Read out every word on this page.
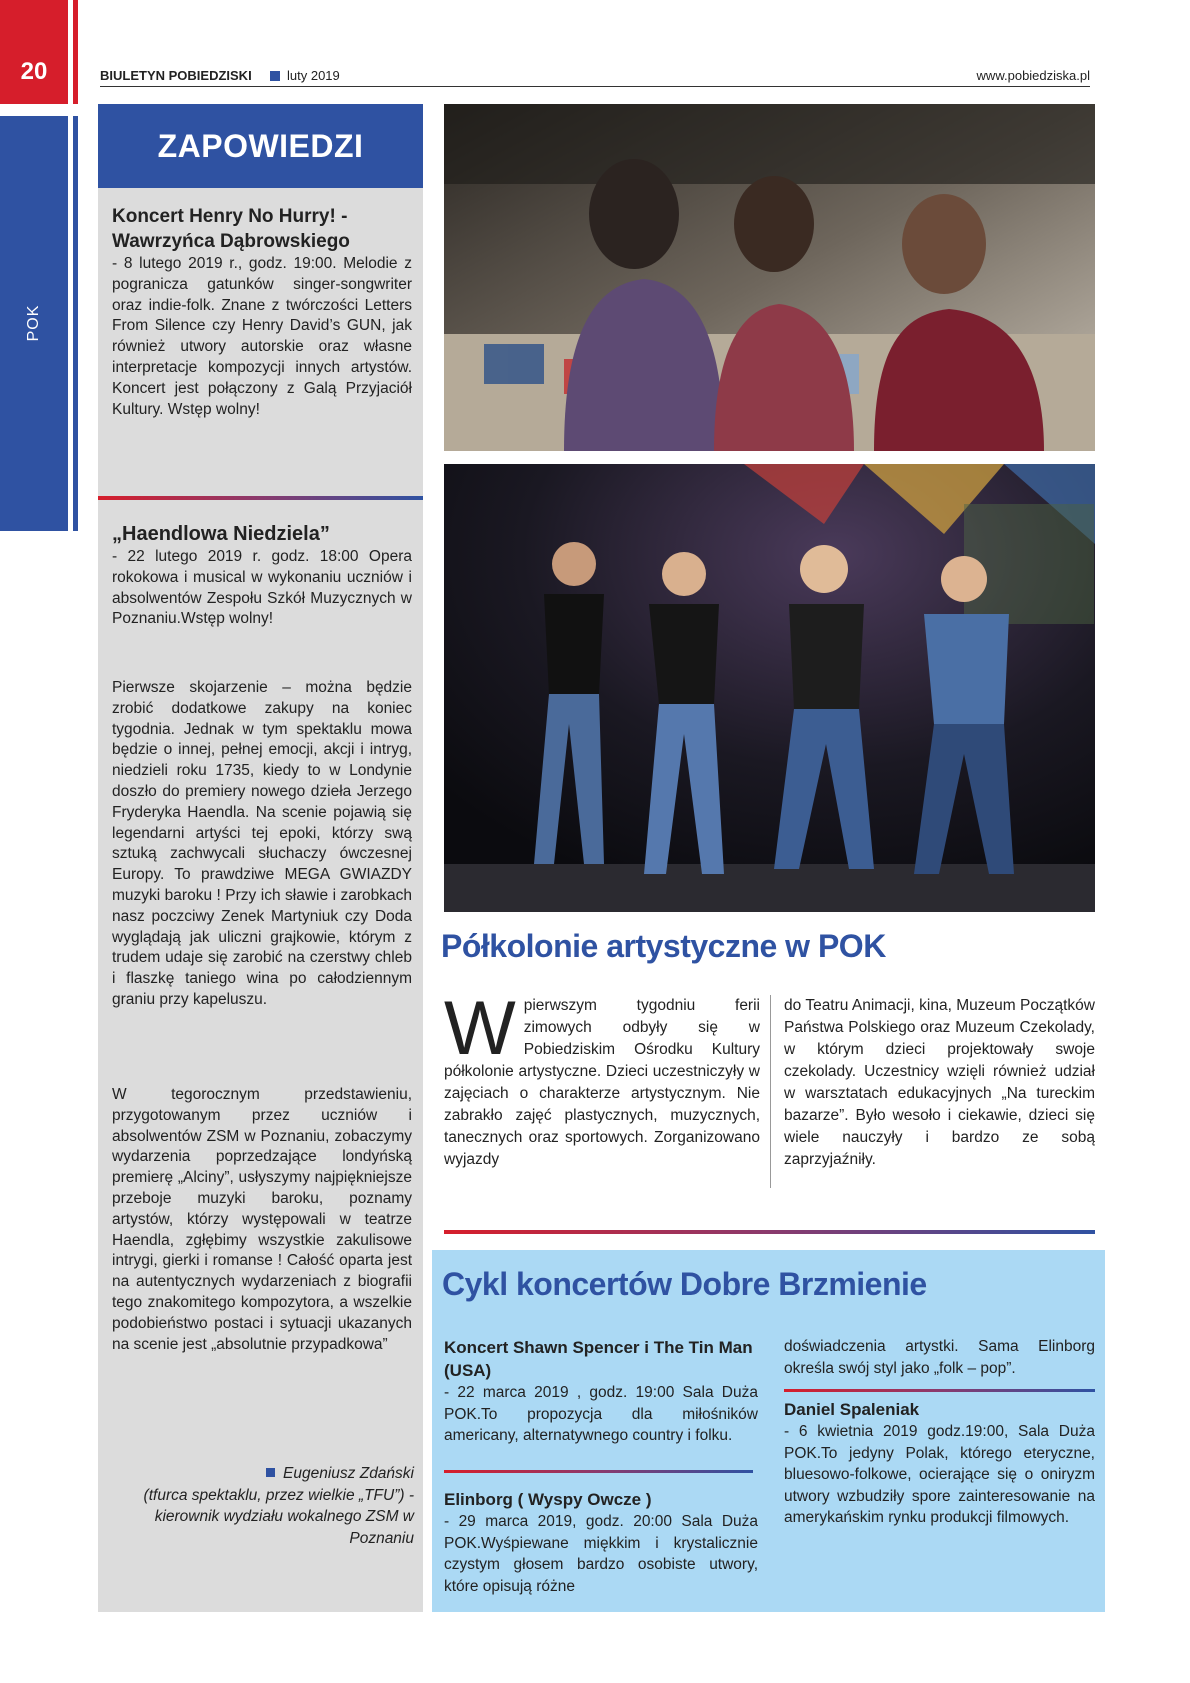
20
POK
BIULETYN POBIEDZISKI	luty 2019	www.pobiedziska.pl
ZAPOWIEDZI
Koncert Henry No Hurry! - Wawrzyńca Dąbrowskiego
- 8 lutego 2019 r., godz. 19:00. Melodie z pogranicza gatunków singer-songwriter oraz indie-folk. Znane z twórczości Letters From Silence czy Henry David’s GUN, jak również utwory autorskie oraz własne interpretacje kompozycji innych artystów. Koncert jest połączony z Galą Przyjaciół Kultury. Wstęp wolny!
„Haendlowa Niedziela”
- 22 lutego 2019 r. godz. 18:00 Opera rokokowa i musical w wykonaniu uczniów i absolwentów Zespołu Szkół Muzycznych w Poznaniu.Wstęp wolny!
Pierwsze skojarzenie – można będzie zrobić dodatkowe zakupy na koniec tygodnia. Jednak w tym spektaklu mowa będzie o innej, pełnej emocji, akcji i intryg, niedzieli roku 1735, kiedy to w Londynie doszło do premiery nowego dzieła Jerzego Fryderyka Haendla. Na scenie pojawią się legendarni artyści tej epoki, którzy swą sztuką zachwycali słuchaczy ówczesnej Europy. To prawdziwe MEGA GWIAZDY muzyki baroku ! Przy ich sławie i zarobkach nasz poczciwy Zenek Martyniuk czy Doda wyglądają jak uliczni grajkowie, którym z trudem udaje się zarobić na czerstwy chleb i flaszkę taniego wina po całodziennym graniu przy kapeluszu.
W tegorocznym przedstawieniu, przygotowanym przez uczniów i absolwentów ZSM w Poznaniu, zobaczymy wydarzenia poprzedzające londyńską premierę „Alciny”, usłyszymy najpiękniejsze przeboje muzyki baroku, poznamy artystów, którzy występowali w teatrze Haendla, zgłębimy wszystkie zakulisowe intrygi, gierki i romanse ! Całość oparta jest na autentycznych wydarzeniach z biografii tego znakomitego kompozytora, a wszelkie podobieństwo postaci i sytuacji ukazanych na scenie jest „absolutnie przypadkowa”
Eugeniusz Zdański
(tfurca spektaklu, przez wielkie „TFU”) - kierownik wydziału wokalnego ZSM w Poznaniu
Półkolonie artystyczne w POK
Wpierwszym tygodniu ferii zimowych odbyły się w Pobiedziskim Ośrodku Kultury półkolonie artystyczne. Dzieci uczestniczyły w zajęciach o charakterze artystycznym. Nie zabrakło zajęć plastycznych, muzycznych, tanecznych oraz sportowych. Zorganizowano wyjazdy
do Teatru Animacji, kina, Muzeum Początków Państwa Polskiego oraz Muzeum Czekolady, w którym dzieci projektowały swoje czekolady. Uczestnicy wzięli również udział w warsztatach edukacyjnych „Na tureckim bazarze”. Było wesoło i ciekawie, dzieci się wiele nauczyły i bardzo ze sobą zaprzyjaźniły.
Cykl koncertów Dobre Brzmienie
Koncert Shawn Spencer i The Tin Man (USA)
- 22 marca 2019 , godz. 19:00 Sala Duża POK.To propozycja dla miłośników americany, alternatywnego country i folku.
Elinborg ( Wyspy Owcze )
- 29 marca 2019, godz. 20:00 Sala Duża POK.Wyśpiewane miękkim i krystalicznie czystym głosem bardzo osobiste utwory, które opisują różne
doświadczenia artystki. Sama Elinborg określa swój styl jako „folk – pop”.
Daniel Spaleniak
- 6 kwietnia 2019 godz.19:00, Sala Duża POK.To jedyny Polak, którego eteryczne, bluesowo-folkowe, ocierające się o oniryzm utwory wzbudziły spore zainteresowanie na amerykańskim rynku produkcji filmowych.
